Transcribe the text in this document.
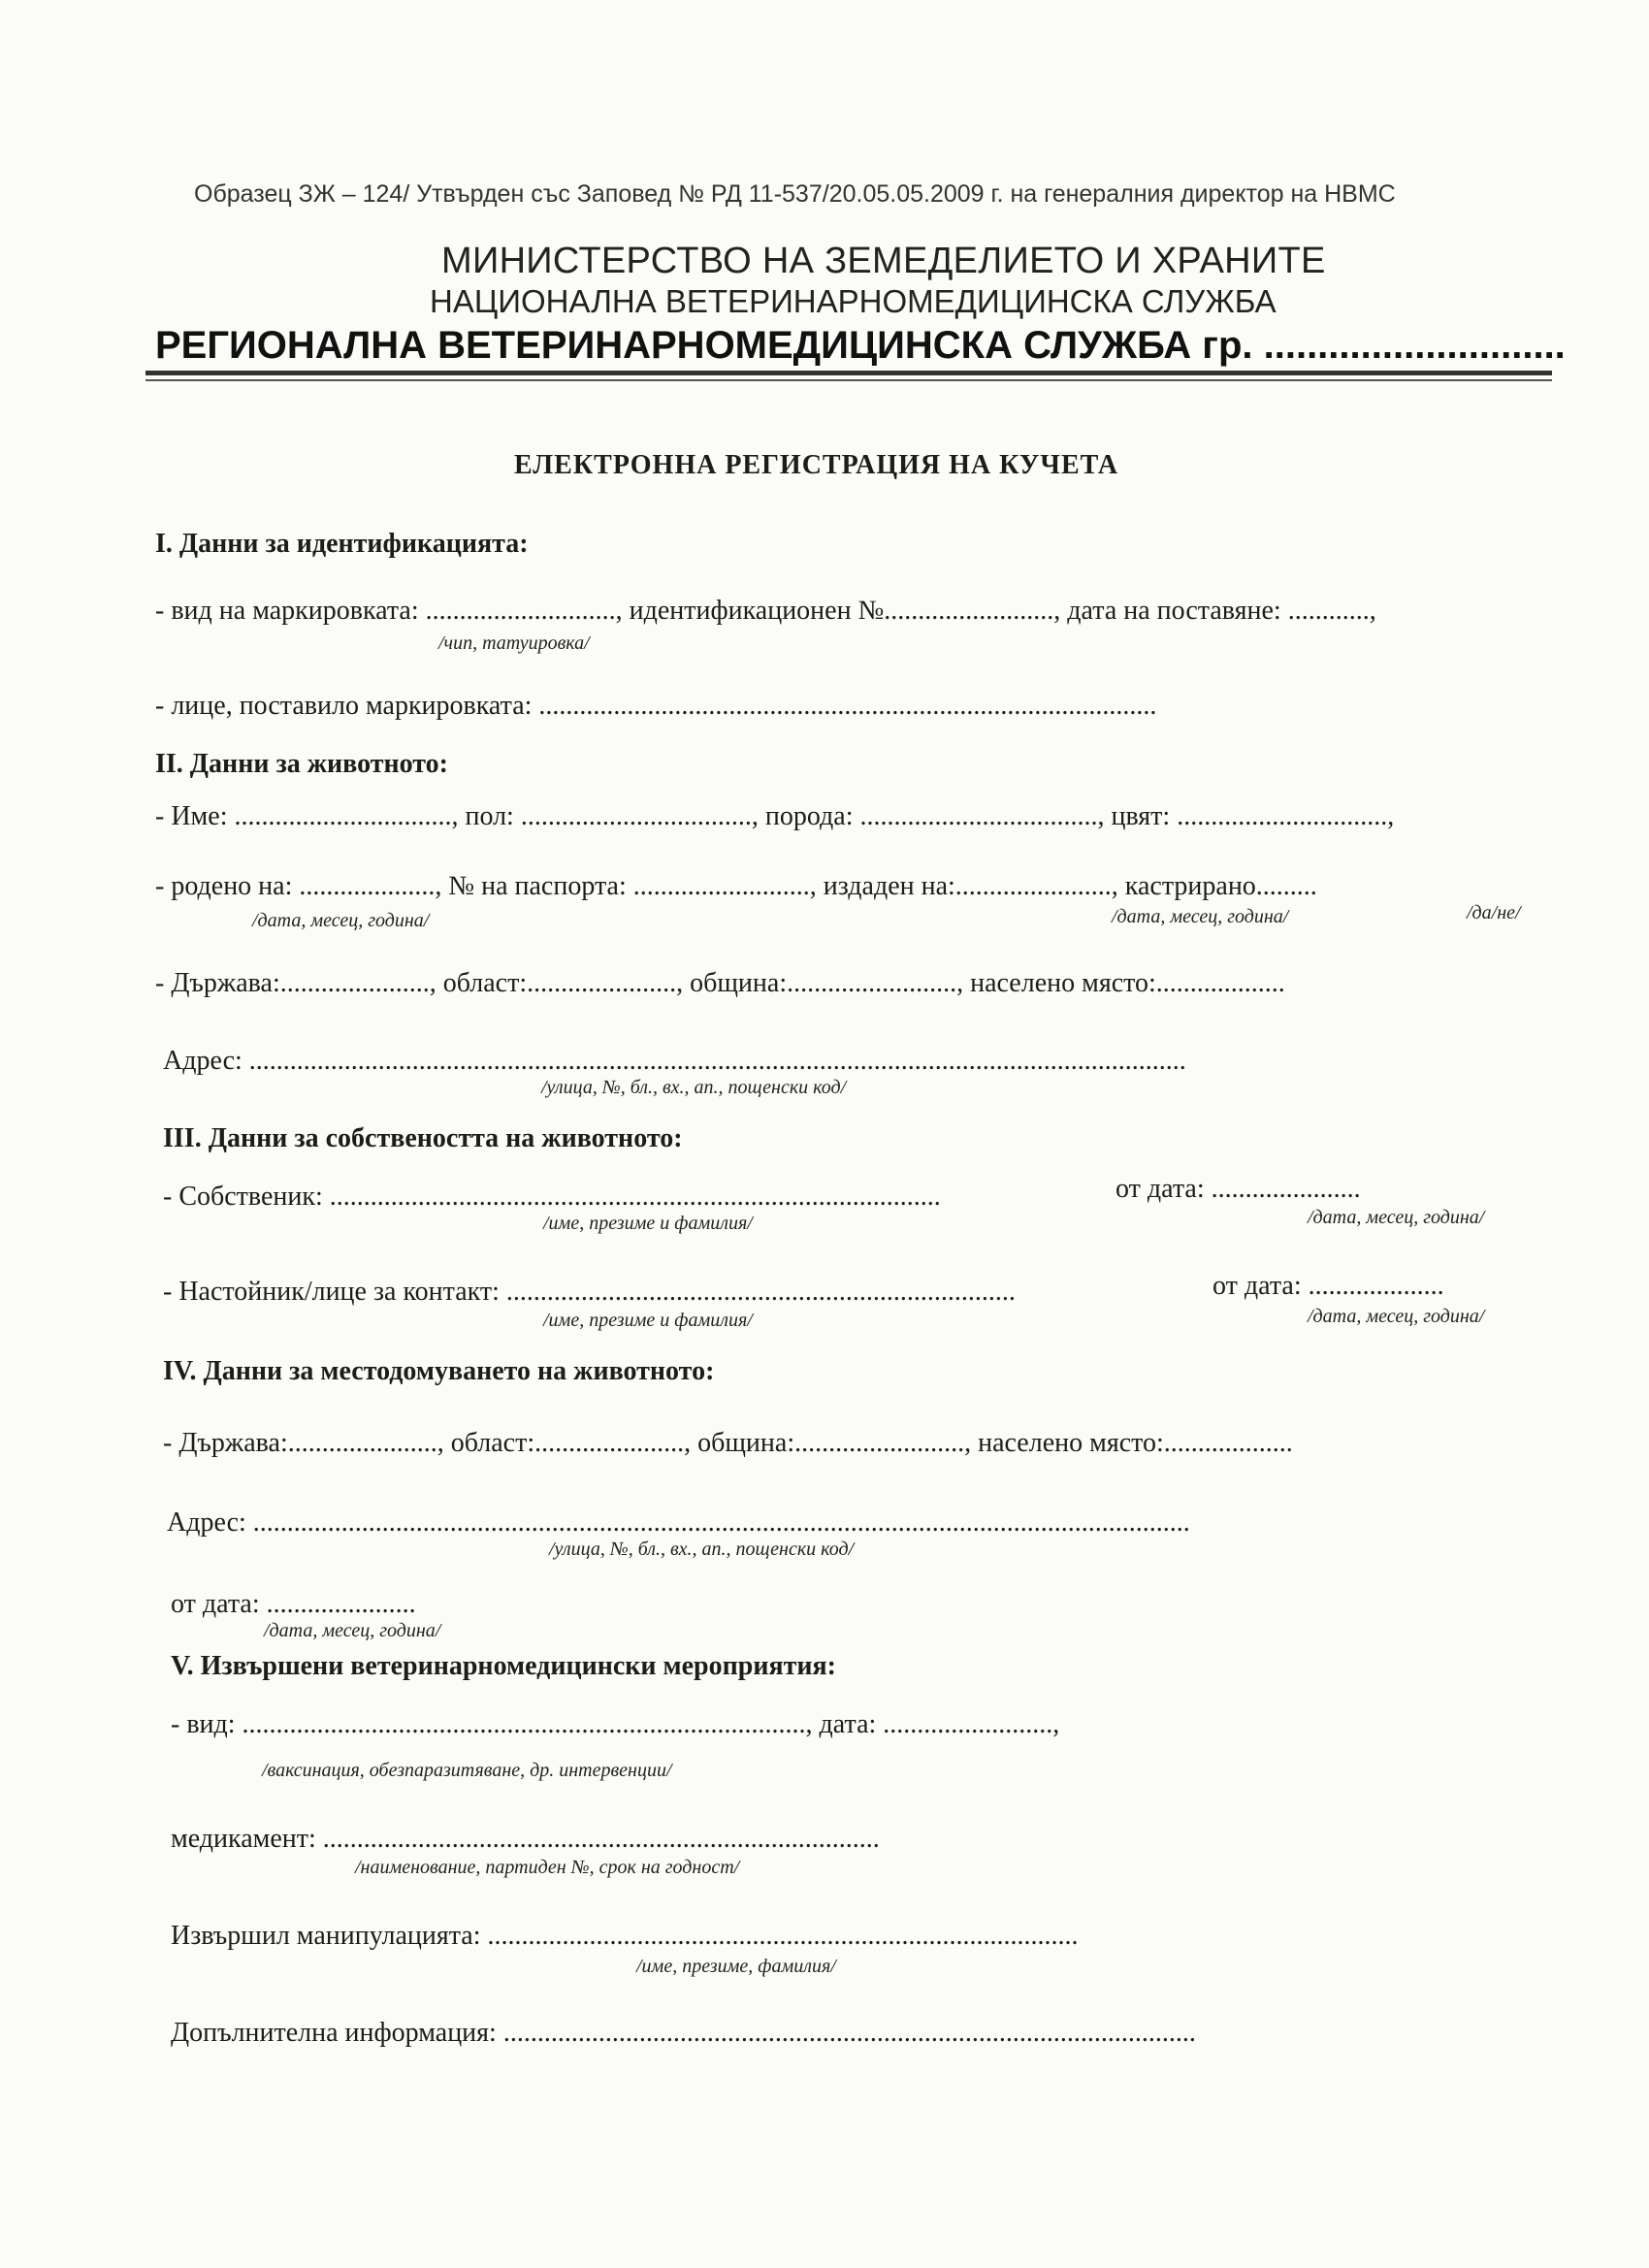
Образец ЗЖ – 124/ Утвърден със Заповед № РД 11-537/20.05.05.2009 г. на генералния директор на НВМС
МИНИСТЕРСТВО НА ЗЕМЕДЕЛИЕТО И ХРАНИТЕ
НАЦИОНАЛНА ВЕТЕРИНАРНОМЕДИЦИНСКА СЛУЖБА
РЕГИОНАЛНА ВЕТЕРИНАРНОМЕДИЦИНСКА СЛУЖБА гр. ............................
ЕЛЕКТРОННА РЕГИСТРАЦИЯ НА КУЧЕТА
I. Данни за идентификацията:
- вид на маркировката: ............................, идентификационен №........................., дата на поставяне: ............,
/чип, татуировка/
- лице, поставило маркировката: ...........................................................................................
II. Данни за животното:
- Име: ................................, пол: .................................., порода: ..................................., цвят: ...............................,
- родено на: ...................., № на паспорта: .........................., издаден на:......................., кастрирано.........
/дата, месец, година/	/дата, месец, година/	/да/не/
- Държава:......................, област:......................, община:........................., населено място:...................
Адрес: ..........................................................................................................................................
/улица, №, бл., вх., ап., пощенски код/
III. Данни за собствеността на животното:
- Собственик: ..........................................................................................	от дата: ......................
/име, презиме и фамилия/	/дата, месец, година/
- Настойник/лице за контакт: ...........................................................................	от дата: ....................
/име, презиме и фамилия/	/дата, месец, година/
IV. Данни за местодомуването на животното:
- Държава:......................, област:......................, община:........................., населено място:...................
Адрес: ..........................................................................................................................................
/улица, №, бл., вх., ап., пощенски код/
от дата: ......................
/дата, месец, година/
V. Извършени ветеринарномедицински мероприятия:
- вид: ..................................................................................., дата: .........................,
/ваксинация, обезпаразитяване, др. интервенции/
медикамент: ..................................................................................
/наименование, партиден №, срок на годност/
Извършил манипулацията: .......................................................................................
/име, презиме, фамилия/
Допълнителна информация: ......................................................................................................
